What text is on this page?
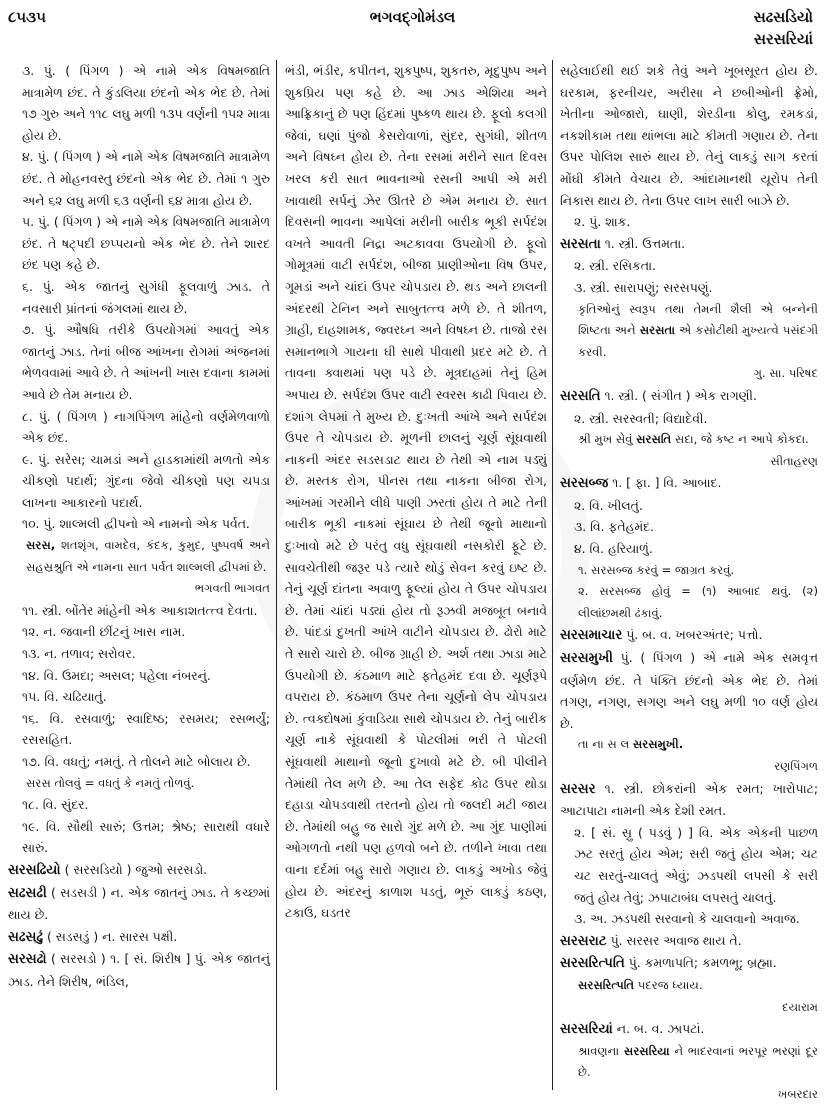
૮૫૩૫	ભગવદ્ગોમંડલ	સઢસડિયો
સરસરિયાં

૩. પું. ( પિંગળ ) એ નામે એક વિષમજાતિ માત્રામેળ છંદ. તે કુંડલિયા છંદનો એક ભેદ છે. તેમાં ૧૭ ગુરુ અને ૧૧૮ લઘુ મળી ૧૩૫ વર્ણની ૧૫૨ માત્રા હોય છે.

૪. પું. ( પિંગળ ) એ નામે એક વિષમજાતિ માત્રામેળ છંદ. તે મોહનવસ્તુ છંદનો એક ભેદ છે. તેમાં ૧ ગુરુ અને ૬૨ લઘુ મળી ૬૩ વર્ણની ૬૪ માત્રા હોય છે.

૫. પું. ( પિંગળ ) એ નામે એક વિષમજાતિ માત્રામેળ છંદ. તે ષટ્પદી છપ્પયનો એક ભેદ છે. તેને શારદ છંદ પણ કહે છે.

૬. પું. એક જાતનું સુગંધી ફૂલવાળું ઝાડ. તે નવસારી પ્રાંતનાં જંગલમાં થાય છે.

૭. પું. ઔષધિ તરીકે ઉપયોગમાં આવતું એક જાતનું ઝાડ. તેનાં બીજ આંખના રોગમાં અંજનમાં ભેળવવામાં આવે છે. તે આંખની ખાસ દવાના કામમાં આવે છે તેમ મનાય છે.

૮. પું. ( પિંગળ ) નાગપિંગળ માંહેનો વર્ણમેળવાળો એક છંદ.

૯. પું. સરેસ; ચામડાં અને હાડકામાંથી મળતો એક ચીકણો પદાર્થ; ગુંદના જેવો ચીકણો પણ ચપડા લાખના આકારનો પદાર્થ.

૧૦. પું. શાલ્મલી દ્વીપનો એ નામનો એક પર્વત.

સરસ, શતશૃંગ, વામદેવ, કંદક, કુમુદ, પુષ્પવર્ષ અને સહસ્રશ્રુતિ એ નામના સાત પર્વત શાલ્મલી દ્વીપમાં છે.
ભગવતી ભાગવત

૧૧. સ્ત્રી. બોંતેર માંહેની એક આકાશતત્ત્વ દેવતા.

૧૨. ન. જવાની છીંટનું ખાસ નામ.

૧૩. ન. તળાવ; સરોવર.

૧૪. વિ. ઉમદા; અસલ; પહેલા નંબરનું.

૧૫. વિ. ચઢિયાતું.

૧૬. વિ. રસવાળું; સ્વાદિષ્ઠ; રસમય; રસભર્યું; રસસહિત.

૧૭. વિ. વધતું; નમતું. તે તોલને માટે બોલાય છે.

સરસ તોલવું = વધતું કે નમતું તોળવું.

૧૮. વિ. સુંદર.

૧૯. વિ. સૌથી સારું; ઉત્તમ; શ્રેષ્ઠ; સારાથી વધારે સારું.

સરસઢિયો ( સરસડિયો ) જુઓ સરસડો.

સઢસઢી ( સડસડી ) ન. એક જાતનું ઝાડ. તે કચ્છમાં થાય છે.

સઢસઢું ( સડસડું ) ન. સારસ પક્ષી.

સરસઢો ( સરસડો ) ૧. [ સં. શિરીષ ] પું. એક જાતનું ઝાડ. તેને શિરીષ, ભંડિલ,

ભંડી, ભંડીર, કપીતન, શુકપુષ્પ, શુકતરુ, મૃદુપુષ્પ અને શુકપ્રિય પણ કહે છે. આ ઝાડ એશિયા અને આફ્રિકાનું છે પણ હિંદમાં પુષ્કળ થાય છે. ફૂલો કલગી જેવાં, ઘણાં પુંજો કેસરોવાળાં, સુંદર, સુગંધી, શીતળ અને વિષઘ્ન હોય છે. તેના રસમાં મરીને સાત દિવસ ખરલ કરી સાત ભાવનાઓ રસની આપી એ મરી ખાવાથી સર્પનું ઝેર ઊતરે છે એમ મનાય છે. સાત દિવસની ભાવના આપેલાં મરીની બારીક ભૂકી સર્પદંશ વખતે આવતી નિદ્રા અટકાવવા ઉપયોગી છે. ફૂલો ગોમૂત્રમાં વાટી સર્પદંશ, બીજા પ્રાણીઓના વિષ ઉપર, ગૂમડાં અને ચાંદાં ઉપર ચોપડાય છે. થડ અને છાલની અંદરથી ટેનિન અને સાબુતત્ત્વ મળે છે. તે શીતળ, ગ્રાહી, દાહશામક, જ્વરઘ્ન અને વિષઘ્ન છે. તાજો રસ સમાનભાગે ગાયના ઘી સાથે પીવાથી પ્રદર મટે છે. તે તાવના ક્વાથમાં પણ પડે છે. મૂત્રદાહમાં તેનું હિમ અપાય છે. સર્પદંશ ઉપર વાટી સ્વરસ કાઢી પિવાય છે. દશાંગ લેપમાં તે મુખ્ય છે. દુઃખતી આંખે અને સર્પદંશ ઉપર તે ચોપડાય છે. મૂળની છાલનું ચૂર્ણ સૂંઘવાથી નાકની અંદર સડસડાટ થાય છે તેથી એ નામ પડ્યું છે. મસ્તક રોગ, પીનસ તથા નાકના બીજા રોગ, આંખમાં ગરમીને લીધે પાણી ઝરતાં હોય તે માટે તેની બારીક ભૂકી નાકમાં સૂંઘાય છે તેથી જૂનો માથાનો દુઃખાવો મટે છે પરંતુ વધુ સૂંઘવાથી નસકોરી ફૂટે છે. સાવચેતીથી જરૂર પડે ત્યારે થોડું સેવન કરવું ઇષ્ટ છે. તેનું ચૂર્ણ દાંતના અવાળુ ફૂલ્યાં હોય તે ઉપર ચોપડાય છે. તેમાં ચાંદાં પડ્યાં હોય તો રૂઝવી મજબૂત બનાવે છે. પાંદડાં દુખતી આંખે વાટીને ચોપડાય છે. ઢોરો માટે તે સારો ચારો છે. બીજ ગ્રાહી છે. અર્શ તથા ઝાડા માટે ઉપયોગી છે. કંઠમાળ માટે ફતેહમંદ દવા છે. ચૂર્ણરૂપે વપરાય છે. કંઠમાળ ઉપર તેના ચૂર્ણનો લેપ ચોપડાય છે. ત્વક્દોષમાં કુંવાડિયા સાથે ચોપડાય છે. તેનું બારીક ચૂર્ણ નાકે સૂંઘવાથી કે પોટલીમાં ભરી તે પોટલી સૂંઘવાથી માથાનો જૂનો દુખાવો મટે છે. બી પીલીને તેમાંથી તેલ મળે છે. આ તેલ સફેદ કોઢ ઉપર થોડા દહાડા ચોપડવાથી તરતનો હોય તો જલદી મટી જાય છે. તેમાંથી બહુ જ સારો ગુંદ મળે છે. આ ગુંદ પાણીમાં ઓગળતો નથી પણ હળવો બને છે. તળીને ખાવા તથા વાના દર્દમાં બહુ સારો ગણાય છે. લાકડું અખોડ જેવું હોય છે. અંદરનું કાળાશ પડતું, ભૂરું લાકડું કઠણ, ટકાઉ, ઘડતર

સહેલાઈથી થઈ શકે તેવું અને ખૂબસૂરત હોય છે. ઘરકામ, ફરનીચર, અરીસા ને છબીઓની ફ્રેમો, ખેતીના ઓજારો, ઘાણી, શેરડીના કોલુ, રમકડાં, નકશીકામ તથા થાંભલા માટે કીમતી ગણાય છે. તેના ઉપર પોલિશ સારું થાય છે. તેનું લાકડું સાગ કરતાં મોંઘી કીમતે વેચાય છે. આંદામાનથી યૂરોપ તેની નિકાસ થાય છે. તેના ઉપર લાખ સારી બાઝે છે.

૨. પું. શાક.

સરસતા ૧. સ્ત્રી. ઉત્તમતા.

૨. સ્ત્રી. રસિકતા.

૩. સ્ત્રી. સારાપણું; સરસપણું.

કૃતિઓનું સ્વરૂપ તથા તેમની શૈલી એ બન્નેની શિષ્ટતા અને સરસતા એ કસોટીથી મુખ્યત્વે પસંદગી કરવી.
ગુ. સા. પરિષદ

સરસતિ ૧. સ્ત્રી. ( સંગીત ) એક રાગણી.

૨. સ્ત્રી. સરસ્વતી; વિદ્યાદેવી.

શ્રી મુખ સેવું સરસતિ સદા, જે કષ્ટ ન આપે કોકદા.
સીતાહરણ

સરસબ્જ ૧. [ ફા. ] વિ. આબાદ.

૨. વિ. ખીલતું.

૩. વિ. ફતેહમંદ.

૪. વિ. હરિયાળું.

૧. સરસબ્જ કરવું = જાગ્રત કરવું.

૨. સરસબ્જ હોવું = (૧) આબાદ થવું. (૨) લીલાંછમથી ઢંકાવું.

સરસમાચાર પું. બ. વ. ખબરઅંતર; પત્તો.

સરસમુખી પું. ( પિંગળ ) એ નામે એક સમવૃત્ત વર્ણમેળ છંદ. તે પંક્તિ છંદનો એક ભેદ છે. તેમાં તગણ, નગણ, સગણ અને લઘુ મળી ૧૦ વર્ણ હોય છે.

તા ના સ લ સરસમુખી.
રણપિંગળ

સરસર ૧. સ્ત્રી. છોકરાંની એક રમત; ખારોપાટ; આટાપાટા નામની એક દેશી રમત.

૨. [ સં. સ્રુ ( પડવું ) ] વિ. એક એકની પાછળ ઝટ સરતું હોય એમ; સરી જતું હોય એમ; ચટ ચટ સરતું-ચાલતું એવું; ઝડપથી લપસી કે સરી જતું હોય તેવું; ઝપાટાબંધ લપસતું ચાલતું.

૩. અ. ઝડપથી સરવાનો કે ચાલવાનો અવાજ.

સરસરાટ પું. સરસર અવાજ થાય તે.

સરસરિત્પતિ પું. કમળાપતિ; કમળભૂ; બ્રહ્મા.

સરસરિત્પતિ પદરજ ધ્યાય.
દયારામ

સરસરિયાં ન. બ. વ. ઝાપટાં.

શ્રાવણના સરસરિયા ને ભાદરવાનાં ભરપૂર ભરણાં દૂર છે.
ખબરદાર
